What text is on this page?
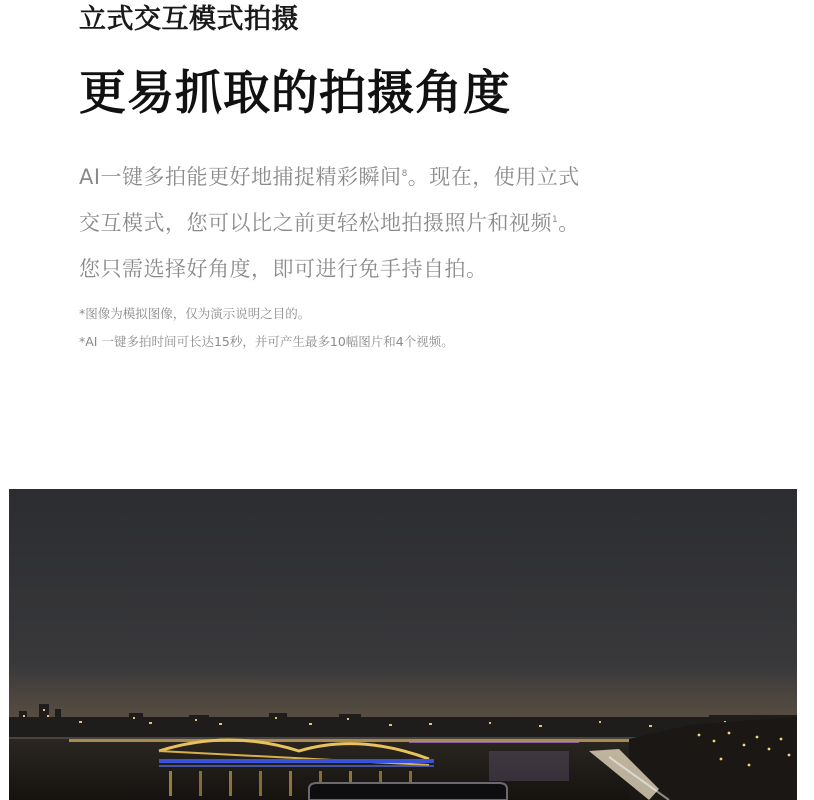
立式交互模式拍摄
更易抓取的拍摄角度
AI一键多拍能更好地捕捉精彩瞬间$^8$。现在，使用立式
交互模式，您可以比之前更轻松地拍摄照片和视频$^1$。
您只需选择好角度，即可进行免手持自拍。
*图像为模拟图像，仅为演示说明之目的。
*AI 一键多拍时间可长达15秒，并可产生最多10幅图片和4个视频。
